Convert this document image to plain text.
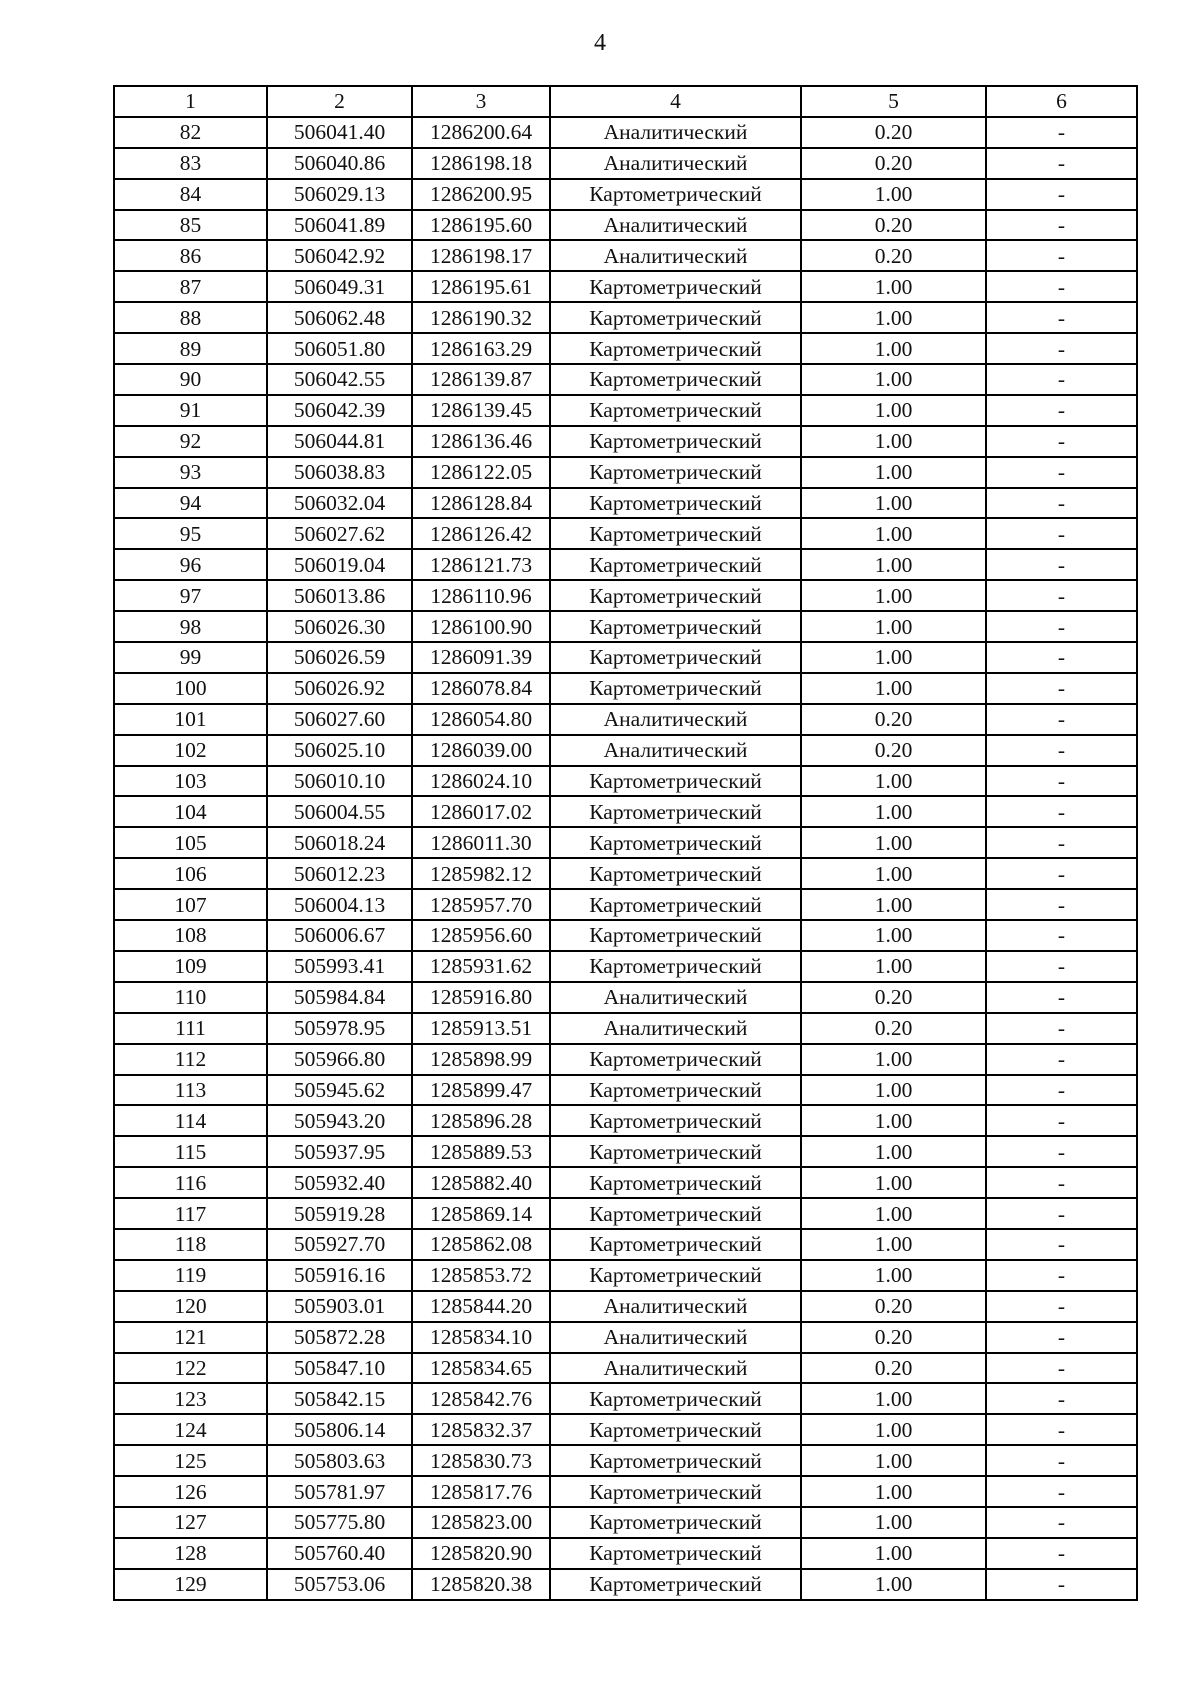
4
1	2	3	4	5	6
82	506041.40	1286200.64	Аналитический	0.20	-
83	506040.86	1286198.18	Аналитический	0.20	-
84	506029.13	1286200.95	Картометрический	1.00	-
85	506041.89	1286195.60	Аналитический	0.20	-
86	506042.92	1286198.17	Аналитический	0.20	-
87	506049.31	1286195.61	Картометрический	1.00	-
88	506062.48	1286190.32	Картометрический	1.00	-
89	506051.80	1286163.29	Картометрический	1.00	-
90	506042.55	1286139.87	Картометрический	1.00	-
91	506042.39	1286139.45	Картометрический	1.00	-
92	506044.81	1286136.46	Картометрический	1.00	-
93	506038.83	1286122.05	Картометрический	1.00	-
94	506032.04	1286128.84	Картометрический	1.00	-
95	506027.62	1286126.42	Картометрический	1.00	-
96	506019.04	1286121.73	Картометрический	1.00	-
97	506013.86	1286110.96	Картометрический	1.00	-
98	506026.30	1286100.90	Картометрический	1.00	-
99	506026.59	1286091.39	Картометрический	1.00	-
100	506026.92	1286078.84	Картометрический	1.00	-
101	506027.60	1286054.80	Аналитический	0.20	-
102	506025.10	1286039.00	Аналитический	0.20	-
103	506010.10	1286024.10	Картометрический	1.00	-
104	506004.55	1286017.02	Картометрический	1.00	-
105	506018.24	1286011.30	Картометрический	1.00	-
106	506012.23	1285982.12	Картометрический	1.00	-
107	506004.13	1285957.70	Картометрический	1.00	-
108	506006.67	1285956.60	Картометрический	1.00	-
109	505993.41	1285931.62	Картометрический	1.00	-
110	505984.84	1285916.80	Аналитический	0.20	-
111	505978.95	1285913.51	Аналитический	0.20	-
112	505966.80	1285898.99	Картометрический	1.00	-
113	505945.62	1285899.47	Картометрический	1.00	-
114	505943.20	1285896.28	Картометрический	1.00	-
115	505937.95	1285889.53	Картометрический	1.00	-
116	505932.40	1285882.40	Картометрический	1.00	-
117	505919.28	1285869.14	Картометрический	1.00	-
118	505927.70	1285862.08	Картометрический	1.00	-
119	505916.16	1285853.72	Картометрический	1.00	-
120	505903.01	1285844.20	Аналитический	0.20	-
121	505872.28	1285834.10	Аналитический	0.20	-
122	505847.10	1285834.65	Аналитический	0.20	-
123	505842.15	1285842.76	Картометрический	1.00	-
124	505806.14	1285832.37	Картометрический	1.00	-
125	505803.63	1285830.73	Картометрический	1.00	-
126	505781.97	1285817.76	Картометрический	1.00	-
127	505775.80	1285823.00	Картометрический	1.00	-
128	505760.40	1285820.90	Картометрический	1.00	-
129	505753.06	1285820.38	Картометрический	1.00	-
